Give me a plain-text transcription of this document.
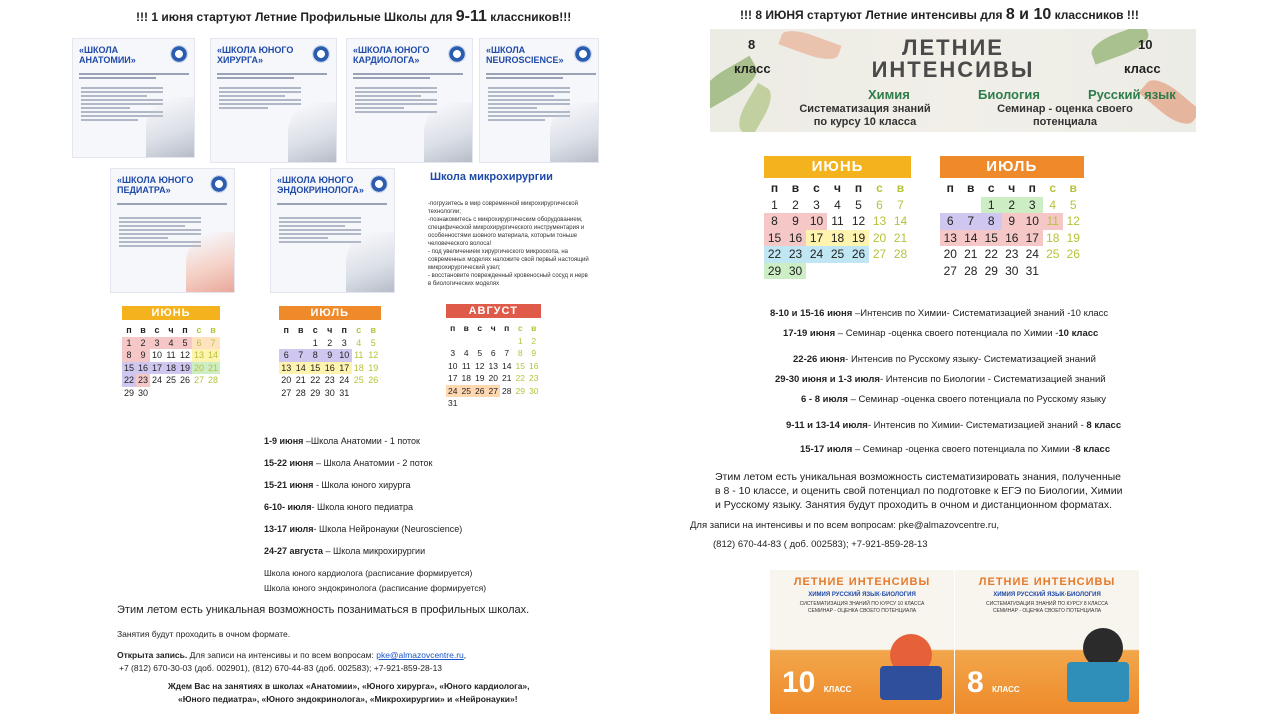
!!! 1 июня стартуют Летние Профильные Школы для 9-11 классников!!!
«ШКОЛА АНАТОМИИ»
«ШКОЛА ЮНОГО ХИРУРГА»
«ШКОЛА ЮНОГО КАРДИОЛОГА»
«ШКОЛА NEUROSCIENCE»
«ШКОЛА ЮНОГО ПЕДИАТРА»
«ШКОЛА ЮНОГО ЭНДОКРИНОЛОГА»
Школа микрохирургии
-погрузитесь в мир современной микрохирургической
технологии;
-познакомитесь с микрохирургическим оборудованием,
специфической микрохирургического инструментария и
особенностями шовного материала, которым тоньше
человеческого волоса!
- под увеличением хирургического микроскопа, на
современных моделях наложите свой первый настоящий
микрохирургический узел;
- восстановите поврежденный кровеносный сосуд и нерв
в биологических моделях
ИЮНЬ
п	в	с	ч	п	с	в
1	2	3	4	5	6	7
8	9	10	11	12	13	14
15	16	17	18	19	20	21
22	23	24	25	26	27	28
29	30					
ИЮЛЬ
п	в	с	ч	п	с	в
		1	2	3	4	5
6	7	8	9	10	11	12
13	14	15	16	17	18	19
20	21	22	23	24	25	26
27	28	29	30	31		
АВГУСТ
п	в	с	ч	п	с	в
					1	2
3	4	5	6	7	8	9
10	11	12	13	14	15	16
17	18	19	20	21	22	23
24	25	26	27	28	29	30
31						
1-9 июня –Школа Анатомии - 1 поток
15-22 июня – Школа Анатомии - 2 поток
15-21 июня - Школа юного хирурга
6-10- июля- Школа юного педиатра
13-17 июля- Школа Нейронауки (Neuroscience)
24-27 августа – Школа микрохирургии
Школа юного кардиолога (расписание формируется)
Школа юного эндокринолога (расписание формируется)
Этим летом есть уникальная возможность позаниматься в профильных школах.
Занятия будут проходить в очном формате.
Открыта запись. Для записи на интенсивы и по всем вопросам: pke@almazovcentre.ru,
+7 (812) 670-30-03 (доб. 002901), (812) 670-44-83 (доб. 002583); +7-921-859-28-13
Ждем Вас на занятиях в школах «Анатомии», «Юного хирурга», «Юного кардиолога»,
«Юного педиатра», «Юного эндокринолога», «Микрохирургии» и «Нейронауки»!
!!! 8 ИЮНЯ стартуют Летние интенсивы для 8 и 10 классников !!!
8
класс
10
класс
ЛЕТНИЕ
ИНТЕНСИВЫ
Химия	Биология	Русский язык
Систематизация знаний
по курсу 10 класса
Семинар - оценка своего
потенциала
ИЮНЬ
п	в	с	ч	п	с	в
1	2	3	4	5	6	7
8	9	10	11	12	13	14
15	16	17	18	19	20	21
22	23	24	25	26	27	28
29	30					
ИЮЛЬ
п	в	с	ч	п	с	в
		1	2	3	4	5
6	7	8	9	10	11	12
13	14	15	16	17	18	19
20	21	22	23	24	25	26
27	28	29	30	31		
8-10 и 15-16 июня –Интенсив по Химии- Систематизацией знаний -10 класс
17-19 июня – Семинар -оценка своего потенциала по Химии -10 класс
22-26 июня- Интенсив по Русскому языку- Систематизацией знаний
29-30 июня и 1-3 июля- Интенсив по Биологии - Систематизацией знаний
6 - 8 июля – Семинар -оценка своего потенциала по Русскому языку
9-11 и 13-14 июля- Интенсив по Химии- Систематизацией знаний - 8 класс
15-17 июля – Семинар -оценка своего потенциала по Химии -8 класс
Этим летом есть уникальная возможность систематизировать знания, полученные
в 8 - 10 классе, и оценить свой потенциал по подготовке к ЕГЭ по Биологии, Химии
и Русскому языку. Занятия будут проходить в очном и дистанционном форматах.
Для записи на интенсивы и по всем вопросам: pke@almazovcentre.ru,
(812) 670-44-83 ( доб. 002583); +7-921-859-28-13
ЛЕТНИЕ ИНТЕНСИВЫ
ХИМИЯ РУССКИЙ ЯЗЫК·БИОЛОГИЯ
СИСТЕМАТИЗАЦИЯ ЗНАНИЙ ПО КУРСУ 10 КЛАССА
СЕМИНАР - ОЦЕНКА СВОЕГО ПОТЕНЦИАЛА
10 КЛАСС
ЛЕТНИЕ ИНТЕНСИВЫ
ХИМИЯ РУССКИЙ ЯЗЫК·БИОЛОГИЯ
СИСТЕМАТИЗАЦИЯ ЗНАНИЙ ПО КУРСУ 8 КЛАССА
СЕМИНАР - ОЦЕНКА СВОЕГО ПОТЕНЦИАЛА
8 КЛАСС
